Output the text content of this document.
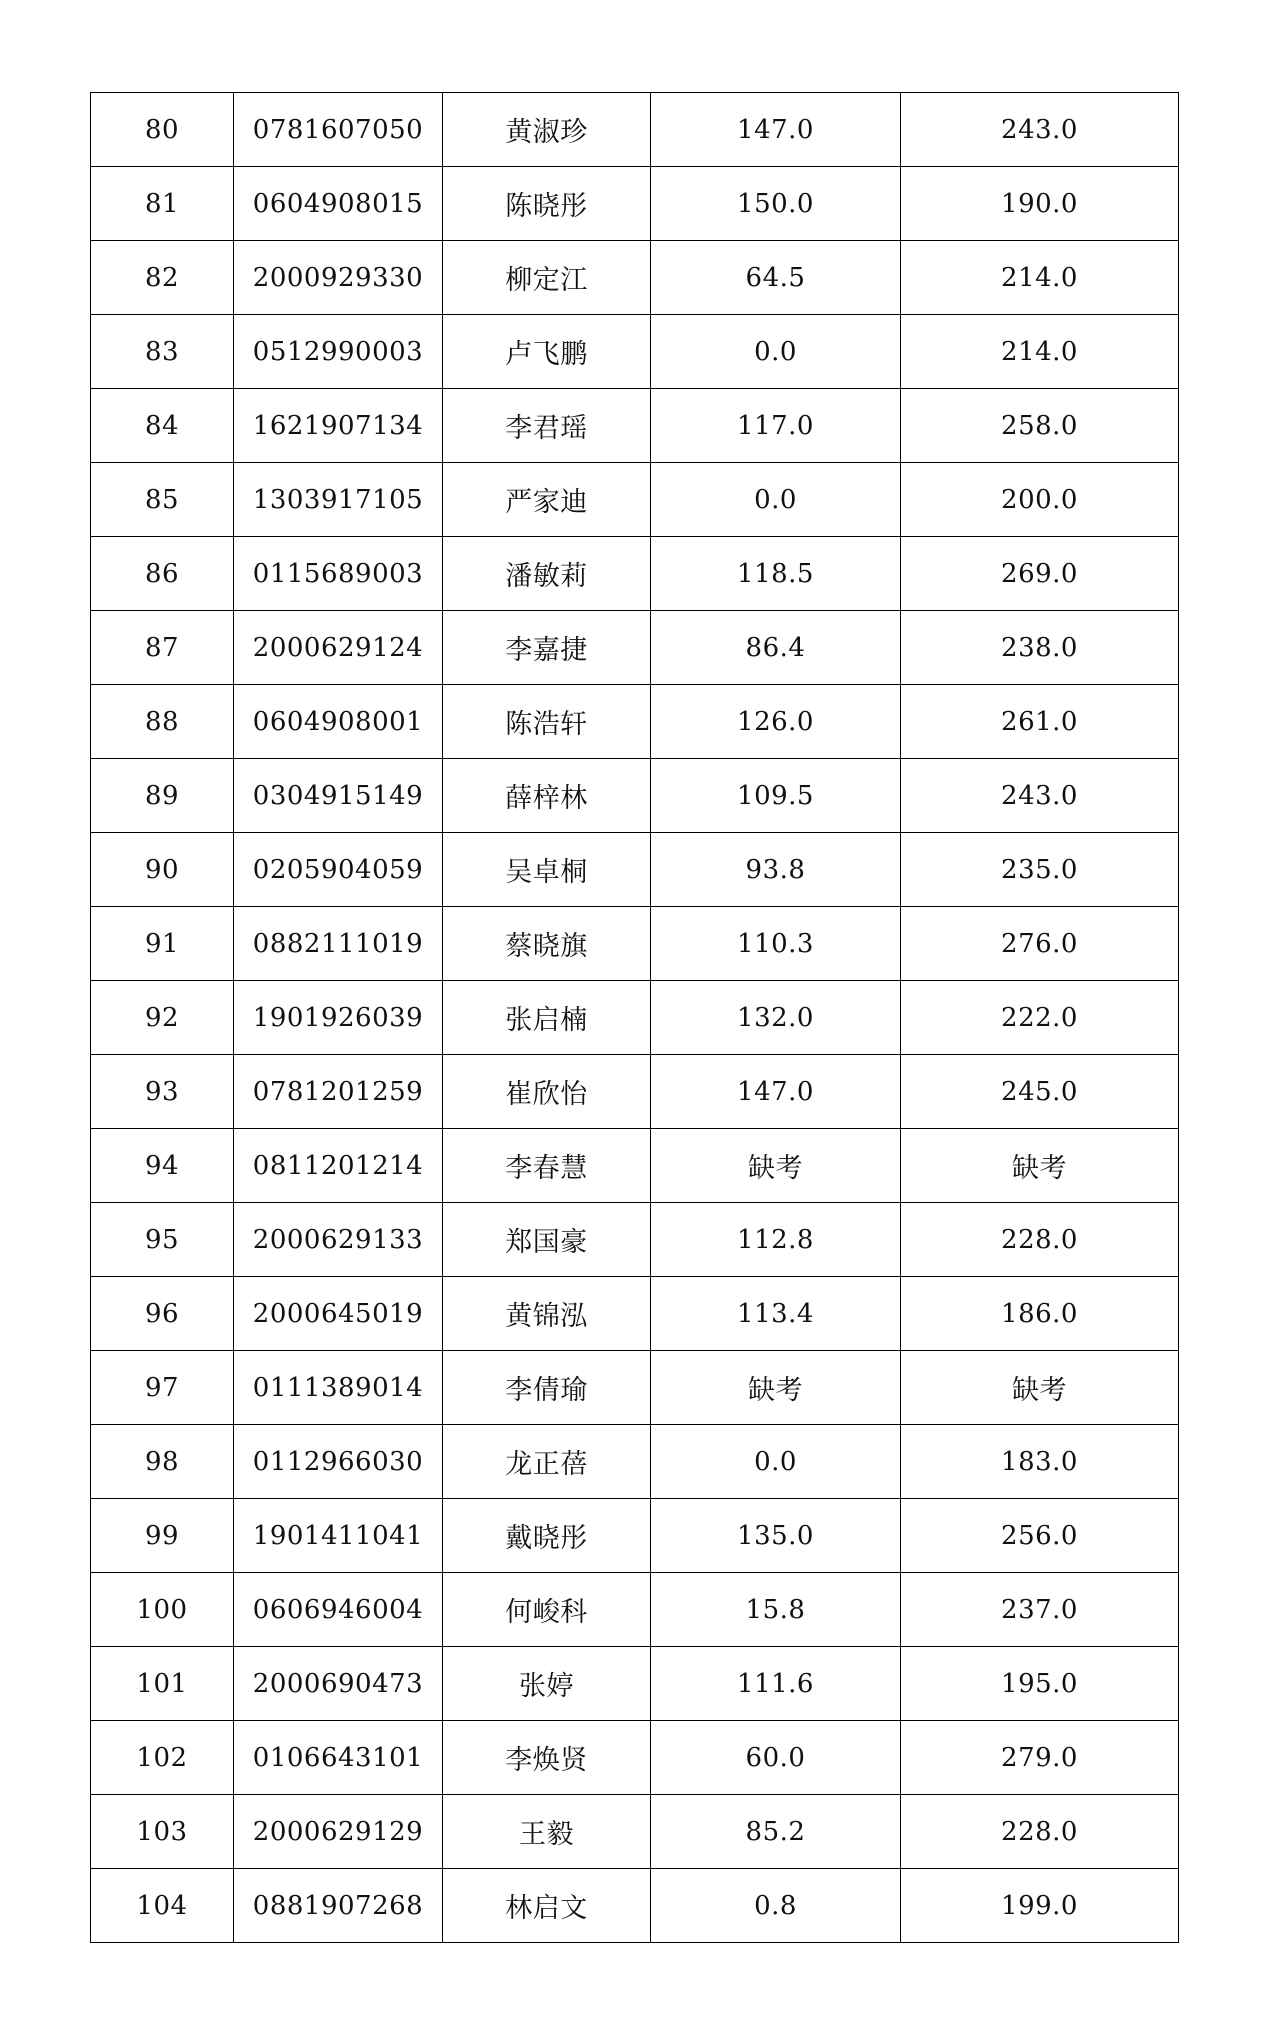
80	0781607050	黄淑珍	147.0	243.0
81	0604908015	陈晓彤	150.0	190.0
82	2000929330	柳定江	64.5	214.0
83	0512990003	卢飞鹏	0.0	214.0
84	1621907134	李君瑶	117.0	258.0
85	1303917105	严家迪	0.0	200.0
86	0115689003	潘敏莉	118.5	269.0
87	2000629124	李嘉捷	86.4	238.0
88	0604908001	陈浩轩	126.0	261.0
89	0304915149	薛梓林	109.5	243.0
90	0205904059	吴卓桐	93.8	235.0
91	0882111019	蔡晓旗	110.3	276.0
92	1901926039	张启楠	132.0	222.0
93	0781201259	崔欣怡	147.0	245.0
94	0811201214	李春慧	缺考	缺考
95	2000629133	郑国豪	112.8	228.0
96	2000645019	黄锦泓	113.4	186.0
97	0111389014	李倩瑜	缺考	缺考
98	0112966030	龙正蓓	0.0	183.0
99	1901411041	戴晓彤	135.0	256.0
100	0606946004	何峻科	15.8	237.0
101	2000690473	张婷	111.6	195.0
102	0106643101	李焕贤	60.0	279.0
103	2000629129	王毅	85.2	228.0
104	0881907268	林启文	0.8	199.0
